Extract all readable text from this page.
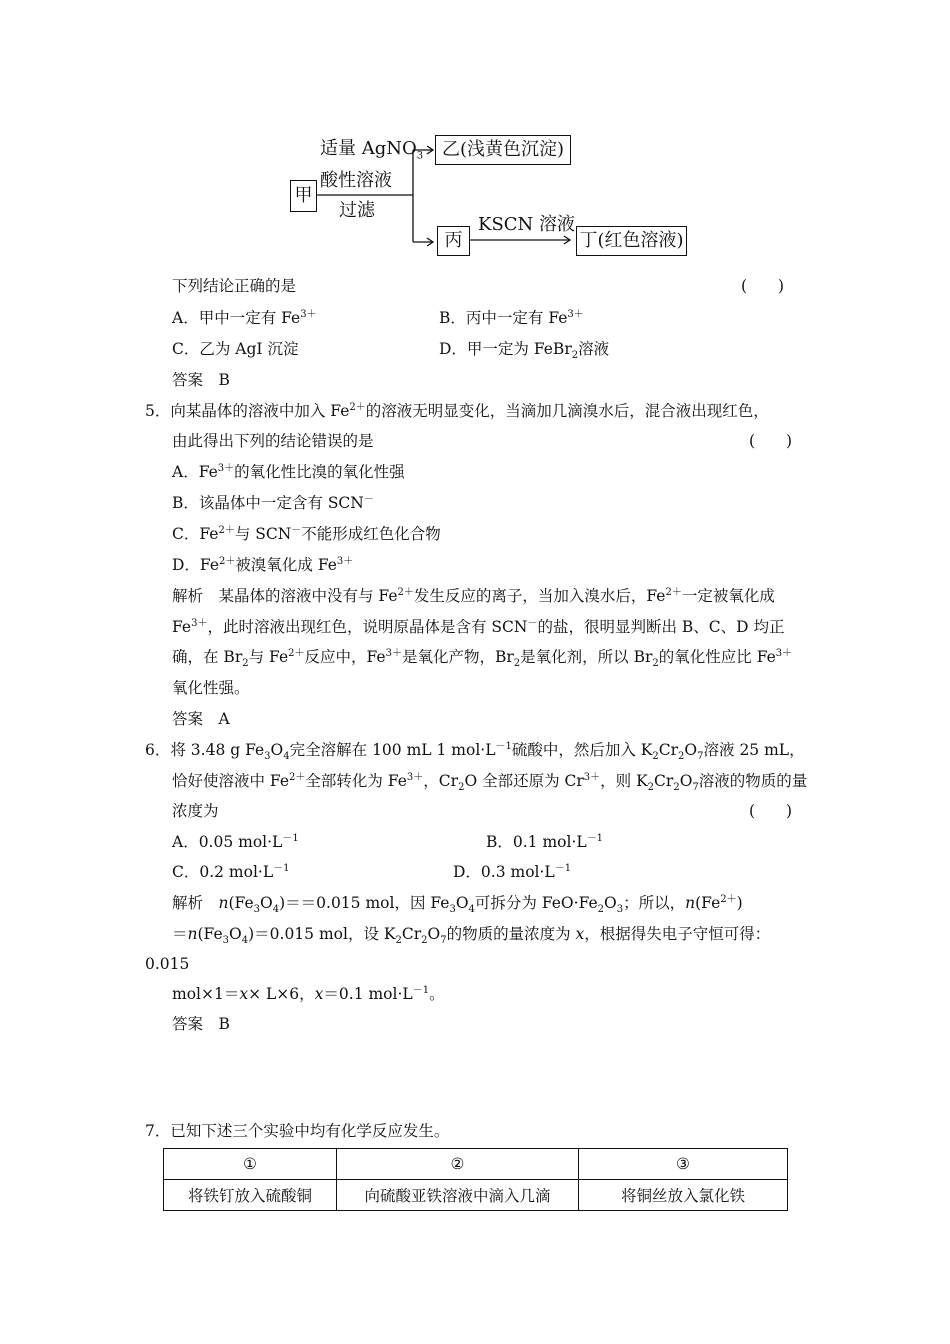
甲
适量 AgNO$_3$
酸性溶液
过滤
乙(浅黄色沉淀)
丙
KSCN 溶液
丁(红色溶液)
下列结论正确的是	(　　)
A．甲中一定有 $Fe^{3+}$	B．丙中一定有 $Fe^{3+}$
C．乙为 AgI 沉淀	D．甲一定为 FeBr$_2$溶液
答案　B
5．向某晶体的溶液中加入 $Fe^{2+}$的溶液无明显变化，当滴加几滴溴水后，混合液出现红色，
由此得出下列的结论错误的是	(　　)
A．$Fe^{3+}$的氧化性比溴的氧化性强
B．该晶体中一定含有 SCN－
C．$Fe^{2+}$与 SCN－不能形成红色化合物
D．$Fe^{2+}$被溴氧化成 $Fe^{3+}$
解析　某晶体的溶液中没有与 $Fe^{2+}$发生反应的离子，当加入溴水后，$Fe^{2+}$一定被氧化成
$Fe^{3+}$，此时溶液出现红色，说明原晶体是含有 SCN－的盐，很明显判断出 B、C、D 均正
确，在 $Br_2$与 $Fe^{2+}$反应中，$Fe^{3+}$是氧化产物，$Br_2$是氧化剂，所以 $Br_2$的氧化性应比 $Fe^{3+}$
氧化性强。
答案　A
6．将 3.48 g $Fe_3O_4$完全溶解在 100 mL 1 $mol\cdot L^{-1}$硫酸中，然后加入 $K_2Cr_2O_7$溶液 25 mL，
恰好使溶液中 $Fe^{2+}$全部转化为 $Fe^{3+}$，$Cr_2O$ 全部还原为 $Cr^{3+}$，则 $K_2Cr_2O_7$溶液的物质的量
浓度为	(　　)
A．0.05 $mol\cdot L^{-1}$	B．0.1 $mol\cdot L^{-1}$
C．0.2 $mol\cdot L^{-1}$	D．0.3 $mol\cdot L^{-1}$
解析　$n(Fe_3O_4)==0.015$ mol，因 $Fe_3O_4$可拆分为 $FeO\cdot Fe_2O_3$；所以，$n(Fe^{2+})$
$=n(Fe_3O_4)=0.015$ mol，设 $K_2Cr_2O_7$的物质的量浓度为 x，根据得失电子守恒可得：
0.015
mol×1＝x× L×6，x＝0.1 $mol\cdot L^{-1}$。
答案　B
7．已知下述三个实验中均有化学反应发生。
①	②	③
将铁钉放入硫酸铜	向硫酸亚铁溶液中滴入几滴	将铜丝放入氯化铁
